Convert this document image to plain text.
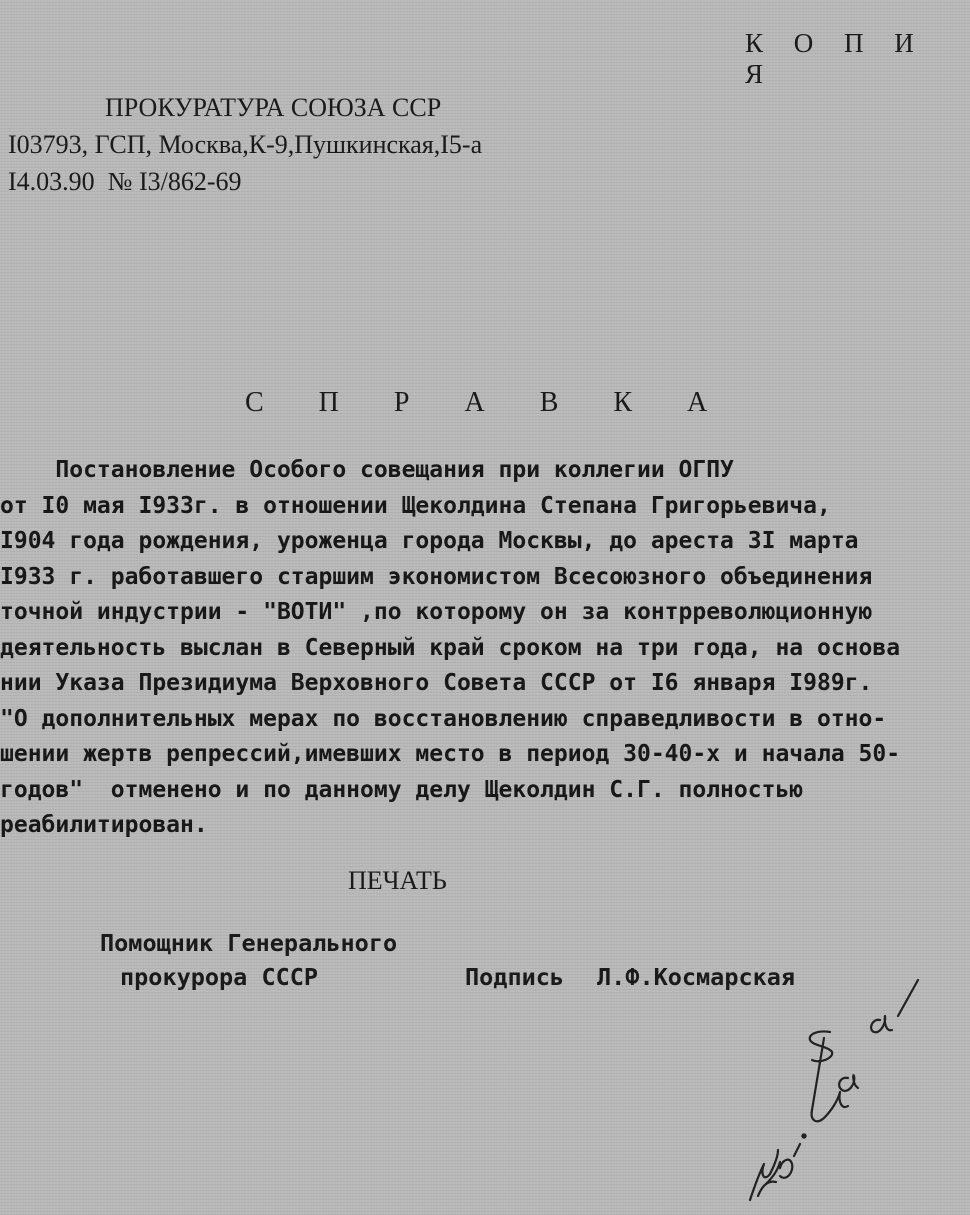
К О П И Я
ПРОКУРАТУРА СОЮЗА ССР
I03793, ГСП, Москва,К-9,Пушкинская,I5-а
I4.03.90  № I3/862-69
С П Р А В К А
Постановление Особого совещания при коллегии ОГПУ
от I0 мая I933г. в отношении Щеколдина Степана Григорьевича,
I904 года рождения, уроженца города Москвы, до ареста 3I марта
I933 г. работавшего старшим экономистом Всесоюзного объединения
точной индустрии - "ВОТИ" ,по которому он за контрреволюционную
деятельность выслан в Северный край сроком на три года, на основа
нии Указа Президиума Верховного Совета СССР от I6 января I989г.
"О дополнительных мерах по восстановлению справедливости в отно-
шении жертв репрессий,имевших место в период 30-40-х и начала 50-
годов"  отменено и по данному делу Щеколдин С.Г. полностью
реабилитирован.
ПЕЧАТЬ
Помощник Генерального
прокурора СССР	Подпись Л.Ф.Космарская
